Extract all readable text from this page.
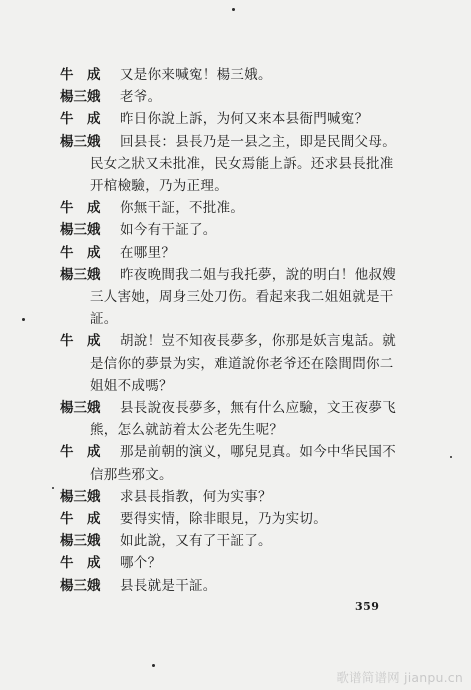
牛　成	又是你来喊寃！楊三娥。
楊三娥	老爷。
牛　成	昨日你說上訴，为何又来本县衙門喊寃？
楊三娥	回县長：县長乃是一县之主，即是民間父母。
民女之狀又未批准，民女焉能上訴。还求县長批准
开棺檢驗，乃为正理。
牛　成	你無干証，不批准。
楊三娥	如今有干証了。
牛　成	在哪里？
楊三娥	昨夜晚間我二姐与我托夢，說的明白！他叔嫂
三人害她，周身三处刀伤。看起来我二姐姐就是干
証。
牛　成	胡說！豈不知夜長夢多，你那是妖言鬼話。就
是信你的夢景为实，难道說你老爷还在陰間問你二
姐姐不成嗎？
楊三娥	县長說夜長夢多，無有什么应驗，文王夜夢飞
熊，怎么就訪着太公老先生呢？
牛　成	那是前朝的演义，哪兒見真。如今中华民国不
信那些邪文。
楊三娥	求县長指教，何为实事？
牛　成	要得实情，除非眼見，乃为实切。
楊三娥	如此說，又有了干証了。
牛　成	哪个？
楊三娥	县長就是干証。
359
歌谱简谱网 jianpu.cn
